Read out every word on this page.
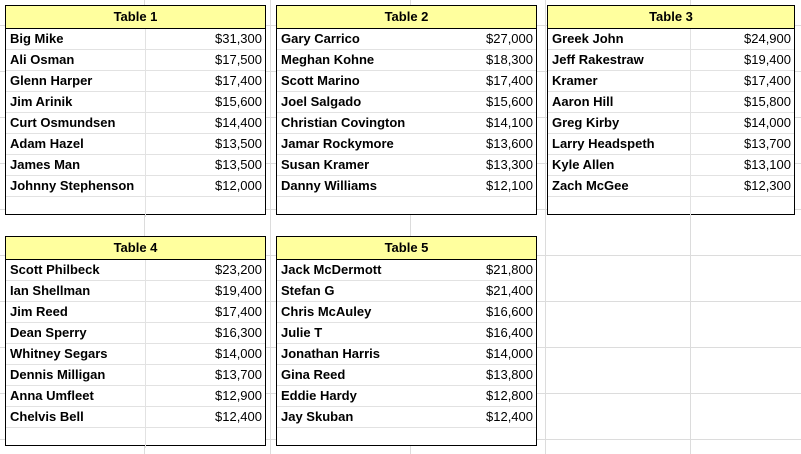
Table 1
Big Mike	$31,300
Ali Osman	$17,500
Glenn Harper	$17,400
Jim Arinik	$15,600
Curt Osmundsen	$14,400
Adam Hazel	$13,500
James Man	$13,500
Johnny Stephenson	$12,000
Table 2
Gary Carrico	$27,000
Meghan Kohne	$18,300
Scott Marino	$17,400
Joel Salgado	$15,600
Christian Covington	$14,100
Jamar Rockymore	$13,600
Susan Kramer	$13,300
Danny Williams	$12,100
Table 3
Greek John	$24,900
Jeff Rakestraw	$19,400
Kramer	$17,400
Aaron Hill	$15,800
Greg Kirby	$14,000
Larry Headspeth	$13,700
Kyle Allen	$13,100
Zach McGee	$12,300
Table 4
Scott Philbeck	$23,200
Ian Shellman	$19,400
Jim Reed	$17,400
Dean Sperry	$16,300
Whitney Segars	$14,000
Dennis Milligan	$13,700
Anna Umfleet	$12,900
Chelvis Bell	$12,400
Table 5
Jack McDermott	$21,800
Stefan G	$21,400
Chris McAuley	$16,600
Julie T	$16,400
Jonathan Harris	$14,000
Gina Reed	$13,800
Eddie Hardy	$12,800
Jay Skuban	$12,400
